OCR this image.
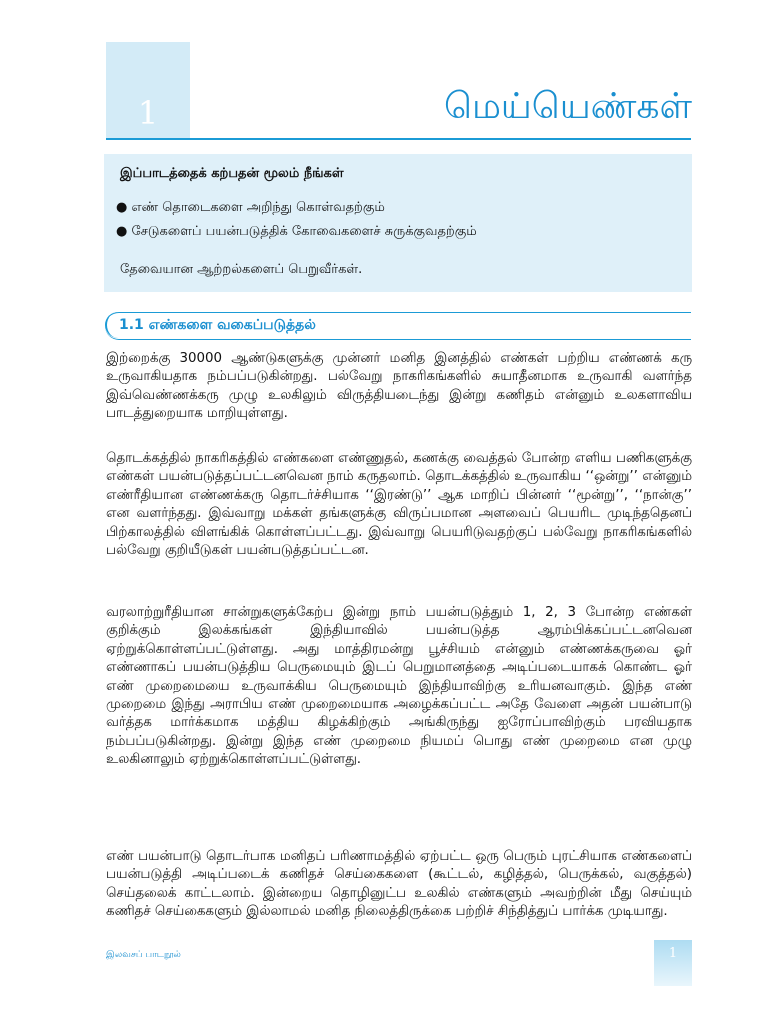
1	மெய்யெண்கள்
இப்பாடத்தைக் கற்பதன் மூலம் நீங்கள்
● எண் தொடைகளை அறிந்து கொள்வதற்கும்
● சேடுகளைப் பயன்படுத்திக் கோவைகளைச் சுருக்குவதற்கும்
தேவையான ஆற்றல்களைப் பெறுவீர்கள்.
1.1 எண்களை வகைப்படுத்தல்

இற்றைக்கு 30000 ஆண்டுகளுக்கு முன்னர் மனித இனத்தில் எண்கள் பற்றிய எண்ணக் கரு உருவாகியதாக நம்பப்படுகின்றது. பல்வேறு நாகரிகங்களில் சுயாதீனமாக உருவாகி வளர்ந்த இவ்வெண்ணக்கரு முழு உலகிலும் விருத்தியடைந்து இன்று கணிதம் என்னும் உலகளாவிய பாடத்துறையாக மாறியுள்ளது.

தொடக்கத்தில் நாகரிகத்தில் எண்களை எண்ணுதல், கணக்கு வைத்தல் போன்ற எளிய பணிகளுக்கு எண்கள் பயன்படுத்தப்பட்டனவென நாம் கருதலாம். தொடக்கத்தில் உருவாகிய ‘‘ஒன்று’’ என்னும் எண்ரீதியான எண்ணக்கரு தொடர்ச்சியாக ‘‘இரண்டு’’ ஆக மாறிப் பின்னர் ‘‘மூன்று’’, ‘‘நான்கு’’ என வளர்ந்தது. இவ்வாறு மக்கள் தங்களுக்கு விருப்பமான அளவைப் பெயரிட முடிந்ததெனப் பிற்காலத்தில் விளங்கிக் கொள்ளப்பட்டது. இவ்வாறு பெயரிடுவதற்குப் பல்வேறு நாகரிகங்களில் பல்வேறு குறியீடுகள் பயன்படுத்தப்பட்டன.

வரலாற்றுரீதியான சான்றுகளுக்கேற்ப இன்று நாம் பயன்படுத்தும் 1, 2, 3 போன்ற எண்கள் குறிக்கும் இலக்கங்கள் இந்தியாவில் பயன்படுத்த ஆரம்பிக்கப்பட்டனவென ஏற்றுக்கொள்ளப்பட்டுள்ளது. அது மாத்திரமன்று பூச்சியம் என்னும் எண்ணக்கருவை ஓர் எண்ணாகப் பயன்படுத்திய பெருமையும் இடப் பெறுமானத்தை அடிப்படையாகக் கொண்ட ஓர் எண் முறைமையை உருவாக்கிய பெருமையும் இந்தியாவிற்கு உரியனவாகும். இந்த எண் முறைமை இந்து அராபிய எண் முறைமையாக அழைக்கப்பட்ட அதே வேளை அதன் பயன்பாடு வர்த்தக மார்க்கமாக மத்திய கிழக்கிற்கும் அங்கிருந்து ஐரோப்பாவிற்கும் பரவியதாக நம்பப்படுகின்றது. இன்று இந்த எண் முறைமை நியமப் பொது எண் முறைமை என முழு உலகினாலும் ஏற்றுக்கொள்ளப்பட்டுள்ளது.

எண் பயன்பாடு தொடர்பாக மனிதப் பரிணாமத்தில் ஏற்பட்ட ஒரு பெரும் புரட்சியாக எண்களைப் பயன்படுத்தி அடிப்படைக் கணிதச் செய்கைகளை (கூட்டல், கழித்தல், பெருக்கல், வகுத்தல்) செய்தலைக் காட்டலாம். இன்றைய தொழினுட்ப உலகில் எண்களும் அவற்றின் மீது செய்யும் கணிதச் செய்கைகளும் இல்லாமல் மனித நிலைத்திருக்கை பற்றிச் சிந்தித்துப் பார்க்க முடியாது.

இலவசப் பாடநூல்	1
